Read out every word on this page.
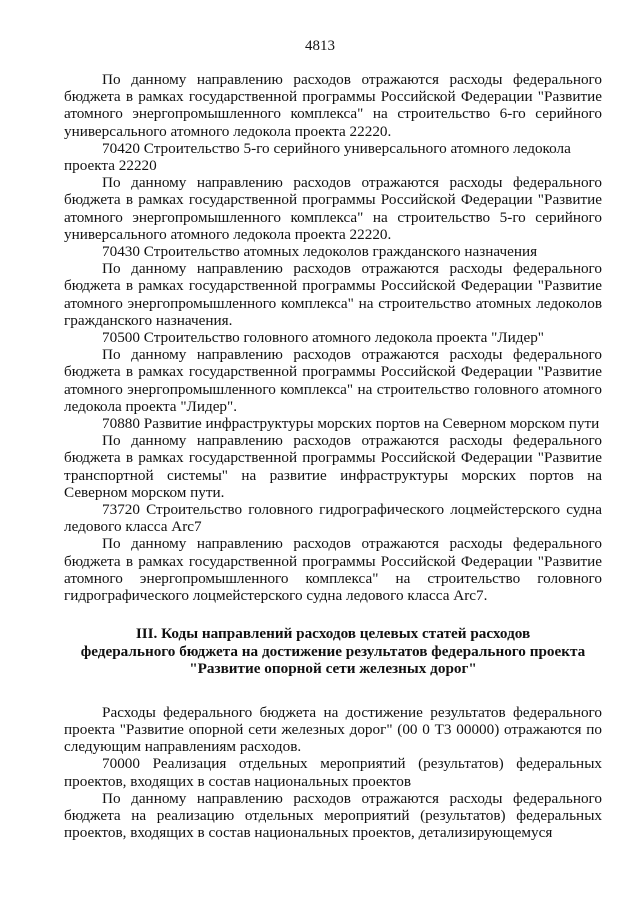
4813

По данному направлению расходов отражаются расходы федерального бюджета в рамках государственной программы Российской Федерации "Развитие атомного энергопромышленного комплекса" на строительство 6-го серийного универсального атомного ледокола проекта 22220.

70420 Строительство 5-го серийного универсального атомного ледокола проекта 22220

По данному направлению расходов отражаются расходы федерального бюджета в рамках государственной программы Российской Федерации "Развитие атомного энергопромышленного комплекса" на строительство 5-го серийного универсального атомного ледокола проекта 22220.

70430 Строительство атомных ледоколов гражданского назначения

По данному направлению расходов отражаются расходы федерального бюджета в рамках государственной программы Российской Федерации "Развитие атомного энергопромышленного комплекса" на строительство атомных ледоколов гражданского назначения.

70500 Строительство головного атомного ледокола проекта "Лидер"

По данному направлению расходов отражаются расходы федерального бюджета в рамках государственной программы Российской Федерации "Развитие атомного энергопромышленного комплекса" на строительство головного атомного ледокола проекта "Лидер".

70880 Развитие инфраструктуры морских портов на Северном морском пути

По данному направлению расходов отражаются расходы федерального бюджета в рамках государственной программы Российской Федерации "Развитие транспортной системы" на развитие инфраструктуры морских портов на Северном морском пути.

73720 Строительство головного гидрографического лоцмейстерского судна ледового класса Arc7

По данному направлению расходов отражаются расходы федерального бюджета в рамках государственной программы Российской Федерации "Развитие атомного энергопромышленного комплекса" на строительство головного гидрографического лоцмейстерского судна ледового класса Arc7.

III. Коды направлений расходов целевых статей расходов
федерального бюджета на достижение результатов федерального проекта
"Развитие опорной сети железных дорог"

Расходы федерального бюджета на достижение результатов федерального проекта "Развитие опорной сети железных дорог" (00 0 Т3 00000) отражаются по следующим направлениям расходов.

70000 Реализация отдельных мероприятий (результатов) федеральных проектов, входящих в состав национальных проектов

По данному направлению расходов отражаются расходы федерального бюджета на реализацию отдельных мероприятий (результатов) федеральных проектов, входящих в состав национальных проектов, детализирующемуся
